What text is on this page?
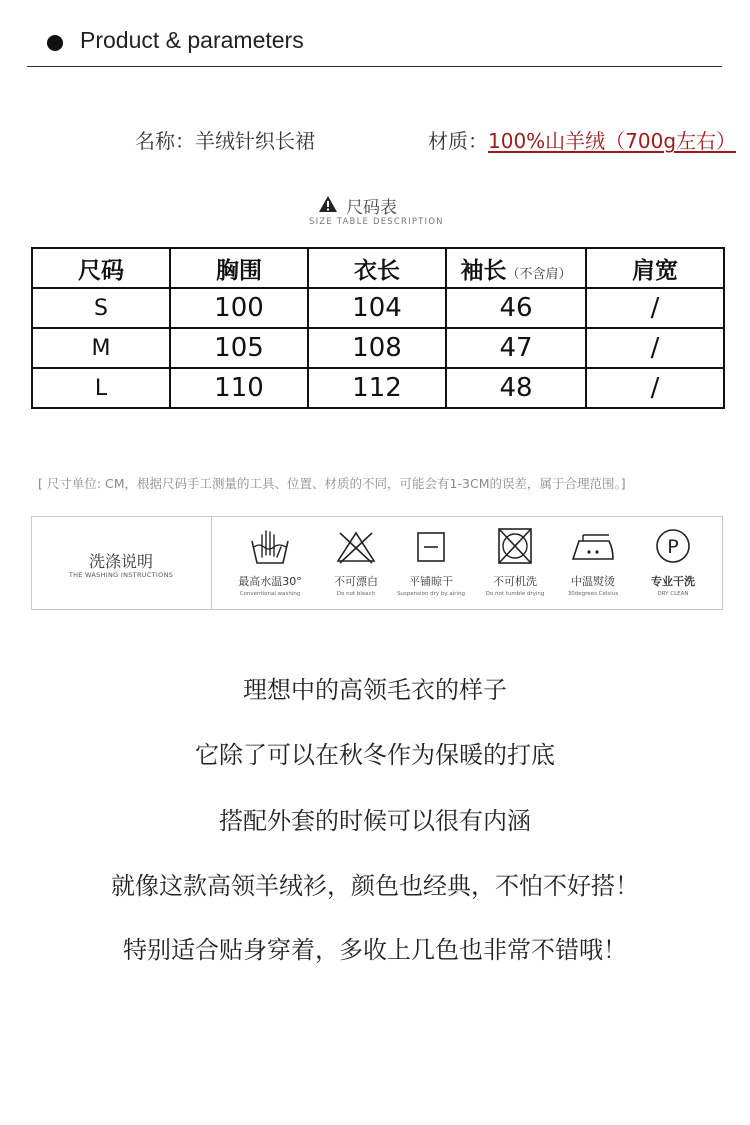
Product & parameters
名称：羊绒针织长裙	材质：100%山羊绒（700g左右）
尺码表
SIZE TABLE DESCRIPTION
尺码	胸围	衣长	袖长（不含肩）	肩宽
S	100	104	46	/
M	105	108	47	/
L	110	112	48	/
[ 尺寸单位: CM，根据尺码手工测量的工具、位置、材质的不同，可能会有1-3CM的误差，属于合理范围。]
洗涤说明
THE WASHING INSTRUCTIONS	最高水温30°
Conventional washing
不可漂白
Do not bleach
平铺晾干
Suspension dry by airing
不可机洗
Do not tumble drying
中温熨烫
30degrees Celsius
P
专业干洗
DRY CLEAN
理想中的高领毛衣的样子
它除了可以在秋冬作为保暖的打底
搭配外套的时候可以很有内涵
就像这款高领羊绒衫，颜色也经典，不怕不好搭！
特别适合贴身穿着，多收上几色也非常不错哦！
